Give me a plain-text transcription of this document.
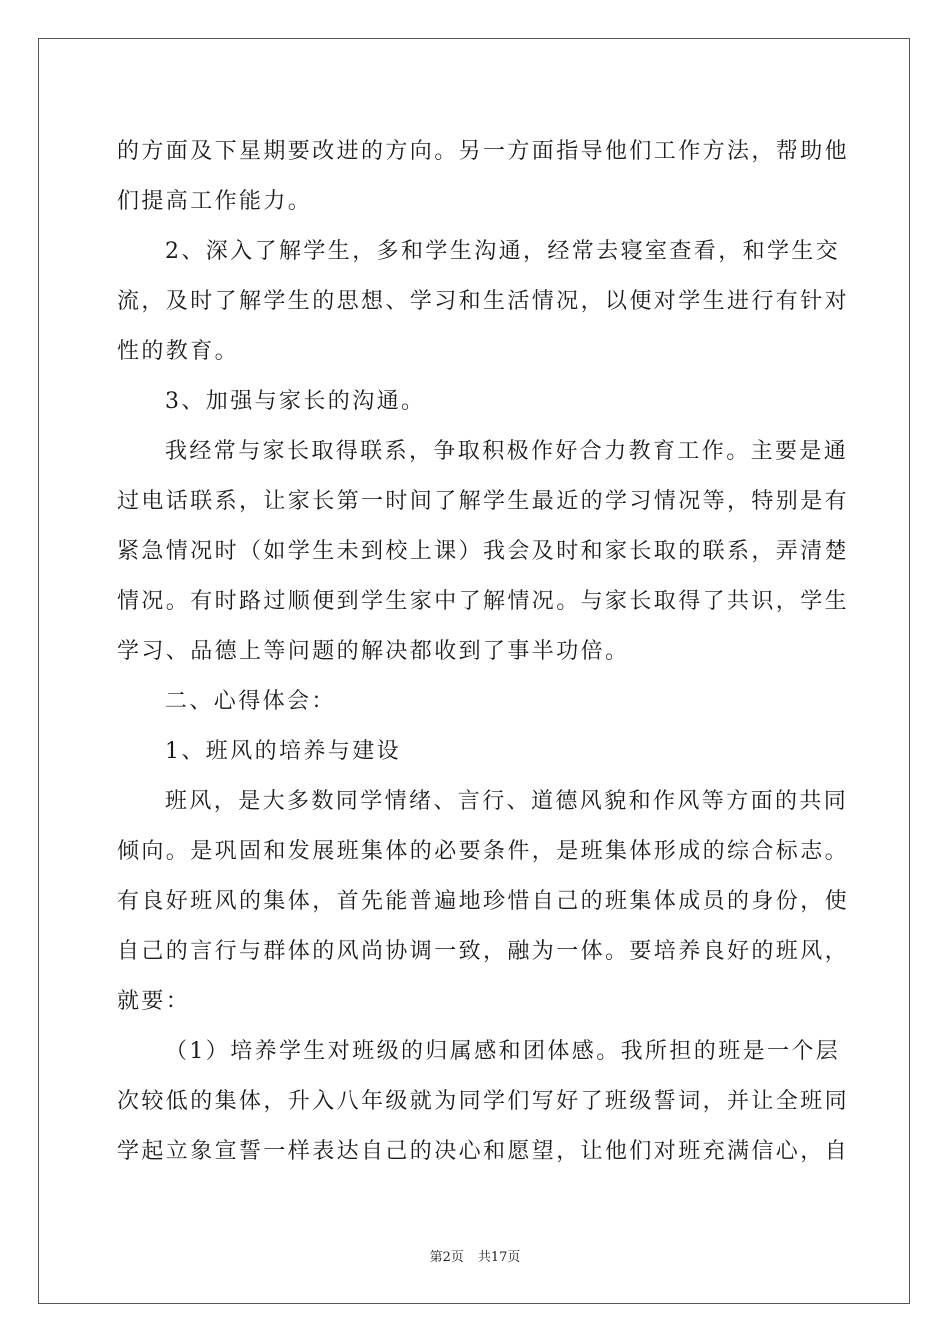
的方面及下星期要改进的方向。另一方面指导他们工作方法，帮助他
们提高工作能力。
2、深入了解学生，多和学生沟通，经常去寝室查看，和学生交
流，及时了解学生的思想、学习和生活情况，以便对学生进行有针对
性的教育。
3、加强与家长的沟通。
我经常与家长取得联系，争取积极作好合力教育工作。主要是通
过电话联系，让家长第一时间了解学生最近的学习情况等，特别是有
紧急情况时（如学生未到校上课）我会及时和家长取的联系，弄清楚
情况。有时路过顺便到学生家中了解情况。与家长取得了共识，学生
学习、品德上等问题的解决都收到了事半功倍。
二、心得体会：
1、班风的培养与建设
班风，是大多数同学情绪、言行、道德风貌和作风等方面的共同
倾向。是巩固和发展班集体的必要条件，是班集体形成的综合标志。
有良好班风的集体，首先能普遍地珍惜自己的班集体成员的身份，使
自己的言行与群体的风尚协调一致，融为一体。要培养良好的班风，
就要：
（1）培养学生对班级的归属感和团体感。我所担的班是一个层
次较低的集体，升入八年级就为同学们写好了班级誓词，并让全班同
学起立象宣誓一样表达自己的决心和愿望，让他们对班充满信心，自
第2页 共17页
